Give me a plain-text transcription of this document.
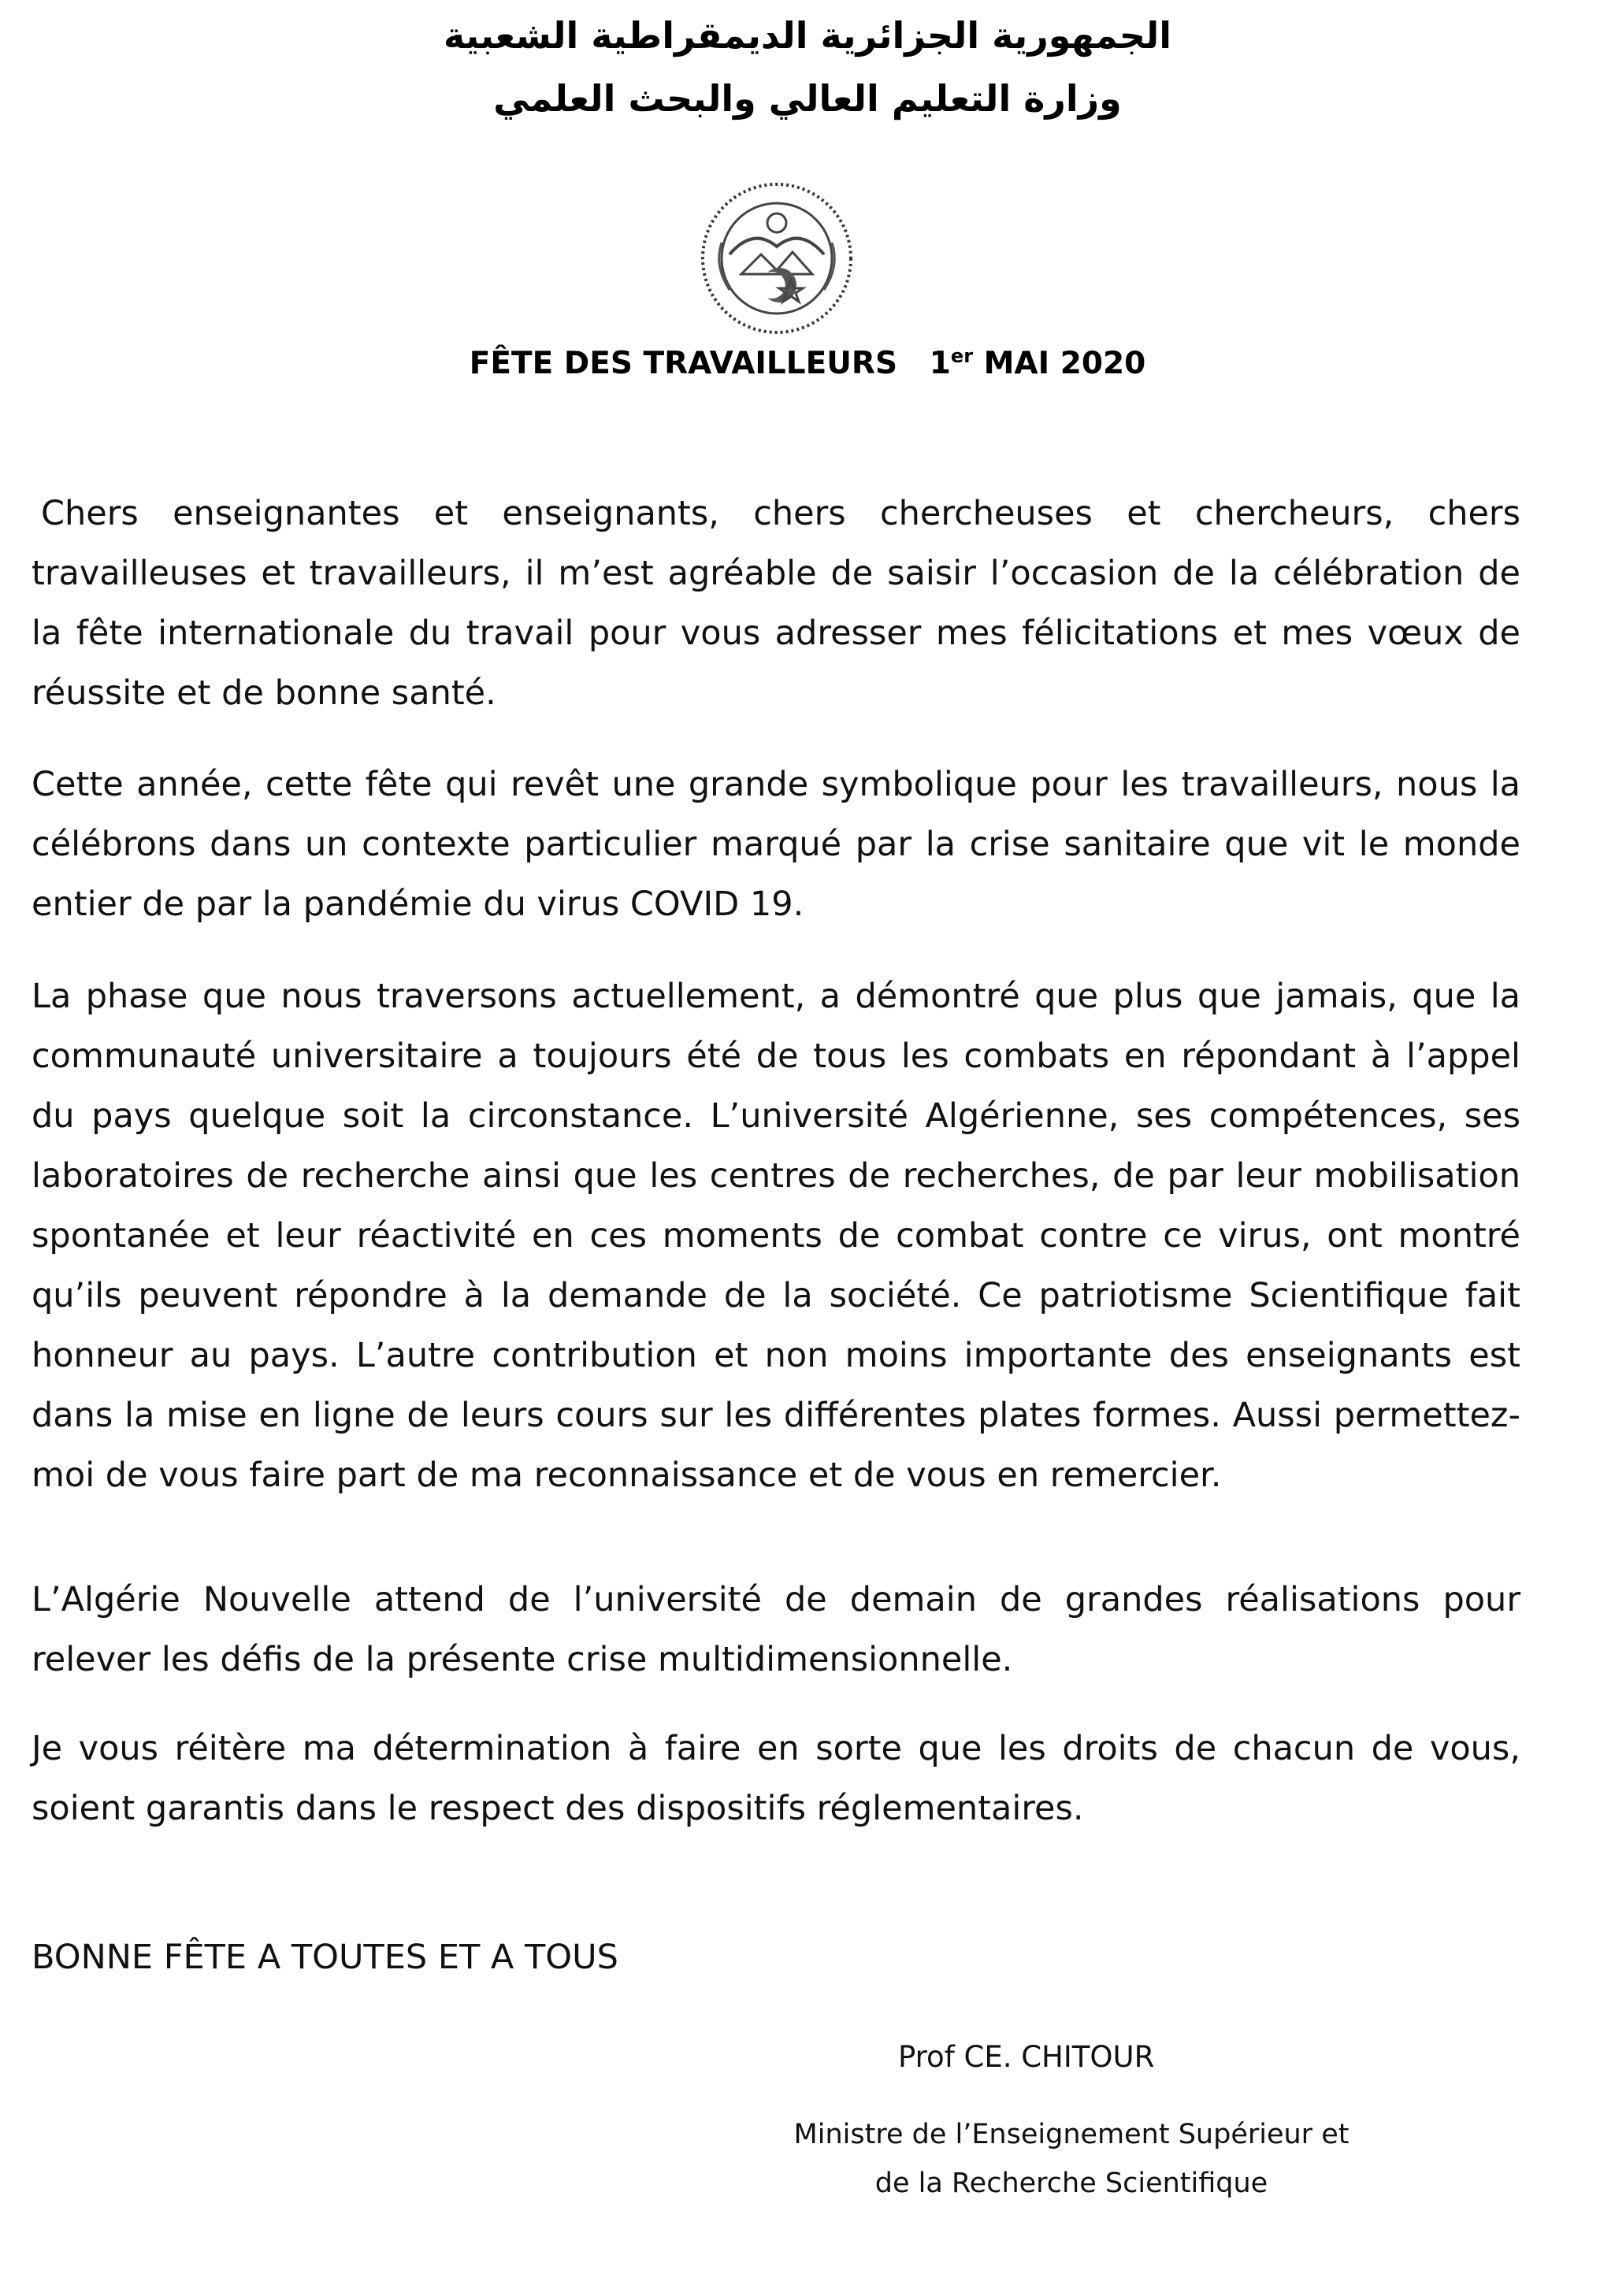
الجمهورية الجزائرية الديمقراطية الشعبية
وزارة التعليم العالي والبحث العلمي
FÊTE DES TRAVAILLEURS 1er MAI 2020

Chers enseignantes et enseignants, chers chercheuses et chercheurs, chers travailleuses et travailleurs, il m’est agréable de saisir l’occasion de la célébration de la fête internationale du travail pour vous adresser mes félicitations et mes vœux de réussite et de bonne santé.

Cette année, cette fête qui revêt une grande symbolique pour les travailleurs, nous la célébrons dans un contexte particulier marqué par la crise sanitaire que vit le monde entier de par la pandémie du virus COVID 19.

La phase que nous traversons actuellement, a démontré que plus que jamais, que la communauté universitaire a toujours été de tous les combats en répondant à l’appel du pays quelque soit la circonstance. L’université Algérienne, ses compétences, ses laboratoires de recherche ainsi que les centres de recherches, de par leur mobilisation spontanée et leur réactivité en ces moments de combat contre ce virus, ont montré qu’ils peuvent répondre à la demande de la société. Ce patriotisme Scientifique fait honneur au pays. L’autre contribution et non moins importante des enseignants est dans la mise en ligne de leurs cours sur les différentes plates formes. Aussi permettez- moi de vous faire part de ma reconnaissance et de vous en remercier.

L’Algérie Nouvelle attend de l’université de demain de grandes réalisations pour relever les défis de la présente crise multidimensionnelle.

Je vous réitère ma détermination à faire en sorte que les droits de chacun de vous, soient garantis dans le respect des dispositifs réglementaires.

BONNE FÊTE A TOUTES ET A TOUS
Prof CE. CHITOUR
Ministre de l’Enseignement Supérieur et
de la Recherche Scientifique
